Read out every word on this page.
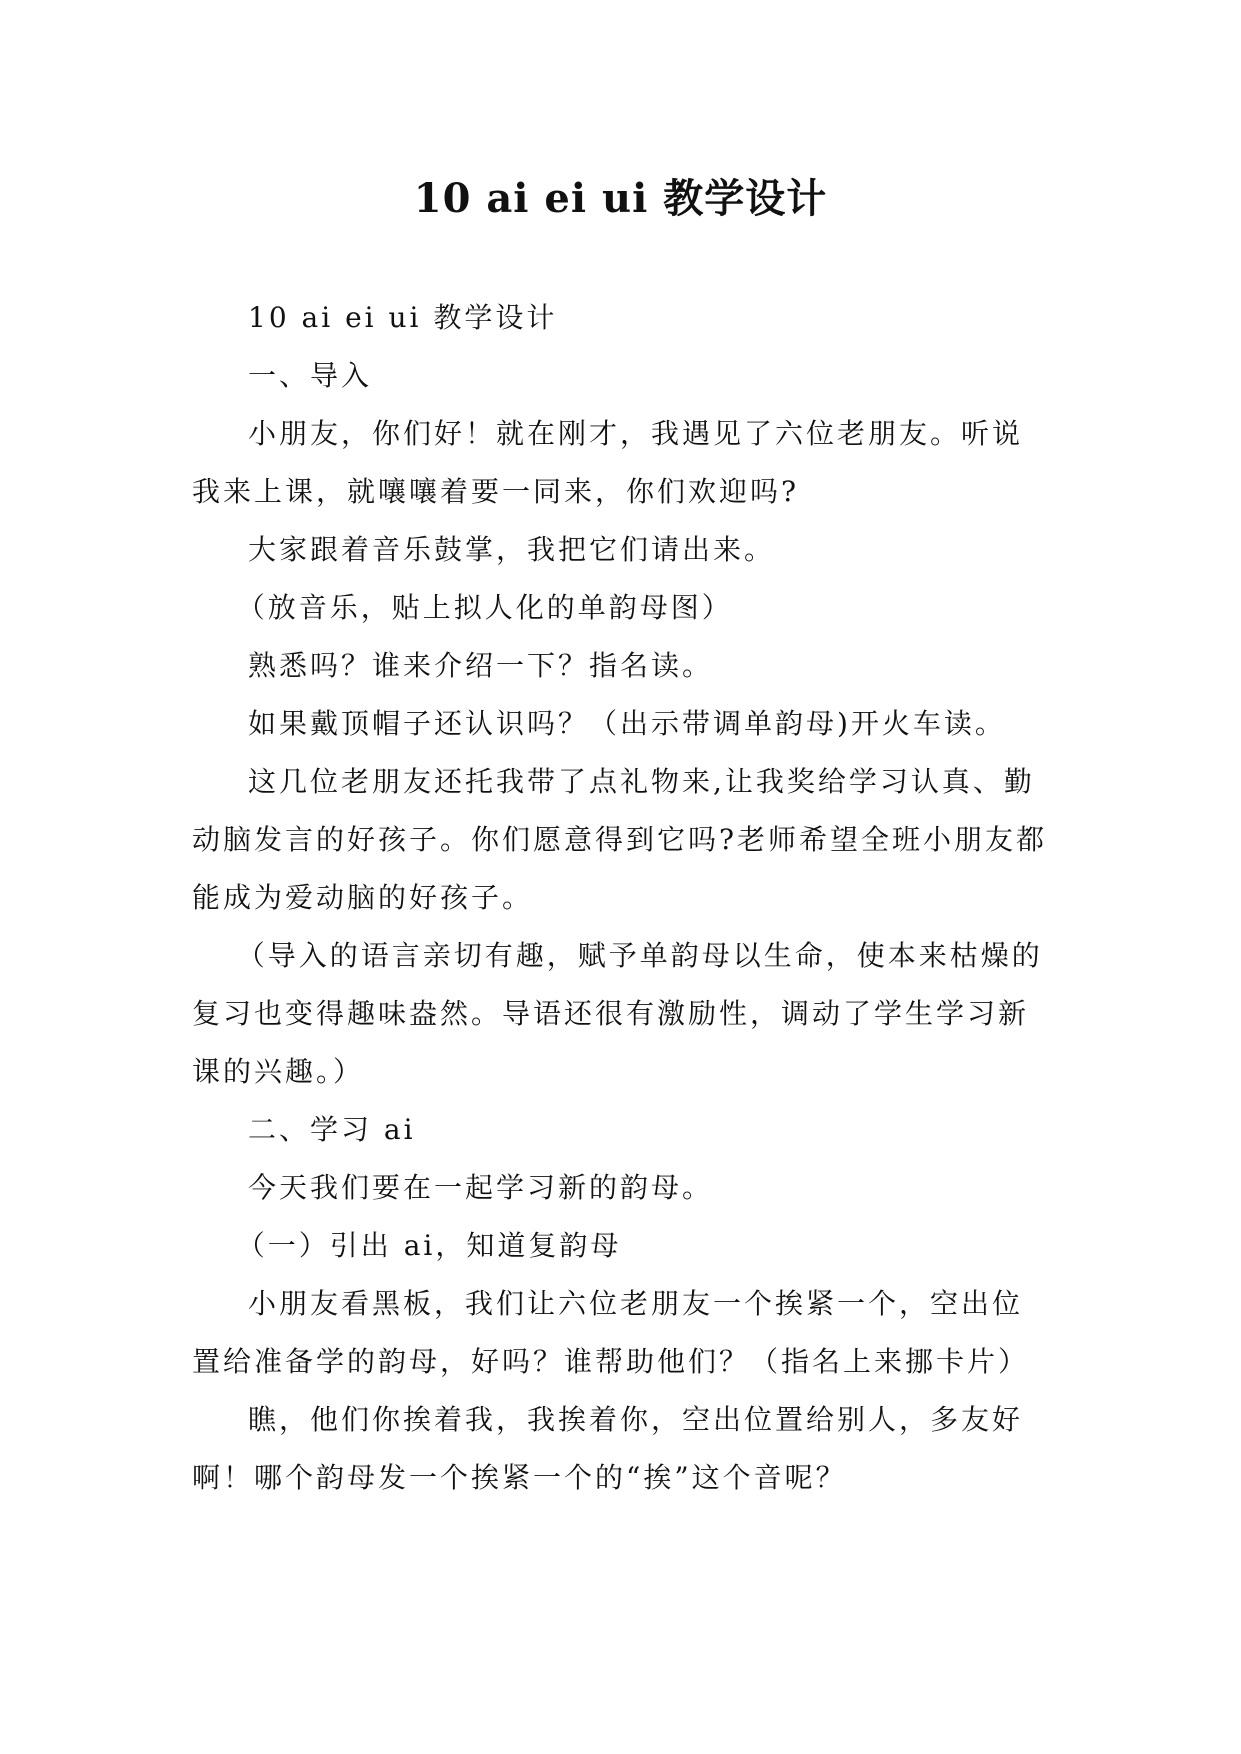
10 ai ei ui 教学设计

10 ai ei ui 教学设计

一、导入

小朋友，你们好！就在刚才，我遇见了六位老朋友。听说我来上课，就嚷嚷着要一同来，你们欢迎吗?

大家跟着音乐鼓掌，我把它们请出来。

（放音乐，贴上拟人化的单韵母图）

熟悉吗？谁来介绍一下？指名读。

如果戴顶帽子还认识吗？（出示带调单韵母)开火车读。

这几位老朋友还托我带了点礼物来,让我奖给学习认真、勤动脑发言的好孩子。你们愿意得到它吗?老师希望全班小朋友都能成为爱动脑的好孩子。

（导入的语言亲切有趣，赋予单韵母以生命，使本来枯燥的复习也变得趣味盎然。导语还很有激励性，调动了学生学习新课的兴趣。）

二、学习 ai

今天我们要在一起学习新的韵母。

（一）引出 ai，知道复韵母

小朋友看黑板，我们让六位老朋友一个挨紧一个，空出位置给准备学的韵母，好吗？谁帮助他们？（指名上来挪卡片）

瞧，他们你挨着我，我挨着你，空出位置给别人，多友好啊！哪个韵母发一个挨紧一个的“挨”这个音呢？
